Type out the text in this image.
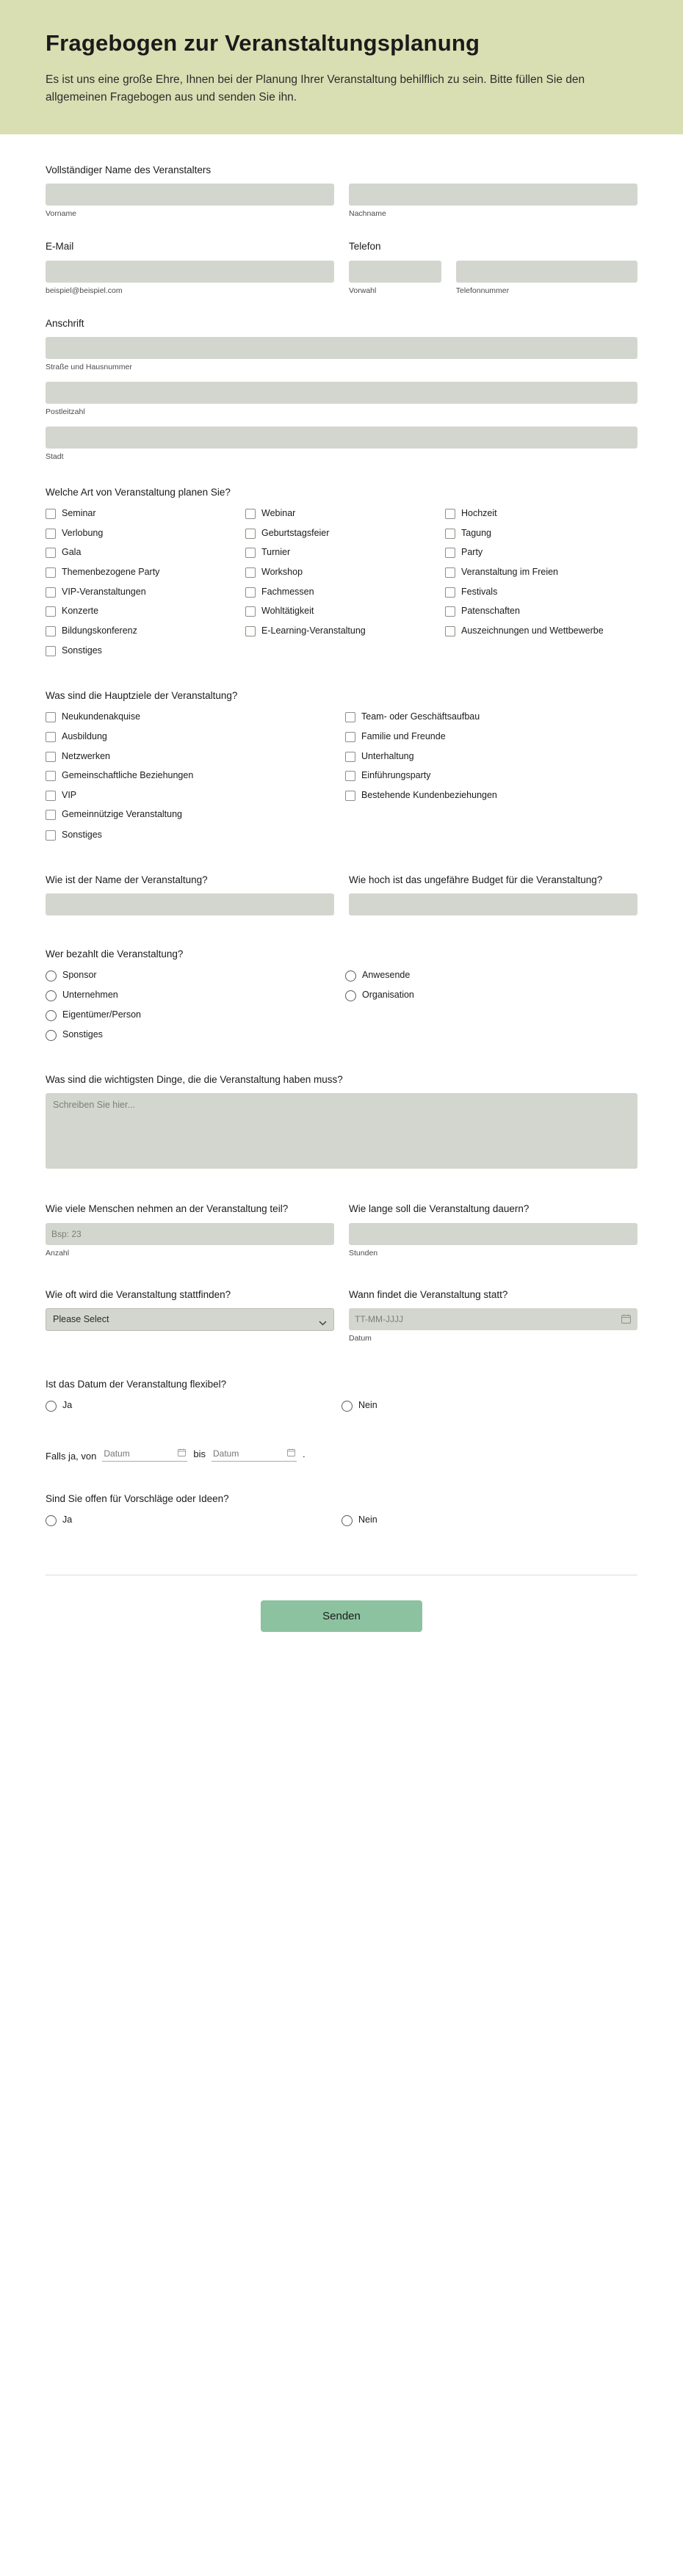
Fragebogen zur Veranstaltungsplanung

Es ist uns eine große Ehre, Ihnen bei der Planung Ihrer Veranstaltung behilflich zu sein. Bitte füllen Sie den allgemeinen Fragebogen aus und senden Sie ihn.

Vollständiger Name des Veranstalters
Vorname	Nachname
E-Mail
beispiel@beispiel.com
Telefon
Vorwahl	Telefonnummer
Anschrift
Straße und Hausnummer
Postleitzahl
Stadt
Welche Art von Veranstaltung planen Sie?
Seminar	Webinar	Hochzeit
Verlobung	Geburtstagsfeier	Tagung
Gala	Turnier	Party
Themenbezogene Party	Workshop	Veranstaltung im Freien
VIP-Veranstaltungen	Fachmessen	Festivals
Konzerte	Wohltätigkeit	Patenschaften
Bildungskonferenz	E-Learning-Veranstaltung	Auszeichnungen und Wettbewerbe
Sonstiges
Was sind die Hauptziele der Veranstaltung?
Neukundenakquise	Team- oder Geschäftsaufbau
Ausbildung	Familie und Freunde
Netzwerken	Unterhaltung
Gemeinschaftliche Beziehungen	Einführungsparty
VIP	Bestehende Kundenbeziehungen
Gemeinnützige Veranstaltung
Sonstiges
Wie ist der Name der Veranstaltung?	Wie hoch ist das ungefähre Budget für die Veranstaltung?
Wer bezahlt die Veranstaltung?
Sponsor	Anwesende
Unternehmen	Organisation
Eigentümer/Person
Sonstiges
Was sind die wichtigsten Dinge, die die Veranstaltung haben muss?
Schreiben Sie hier...
Wie viele Menschen nehmen an der Veranstaltung teil?
Bsp: 23
Anzahl
Wie lange soll die Veranstaltung dauern?
Stunden
Wie oft wird die Veranstaltung stattfinden?
Please Select	Wann findet die Veranstaltung statt?
TT-MM-JJJJ
Datum
Ist das Datum der Veranstaltung flexibel?
Ja	Nein
Falls ja, von
Datum	bis
Datum	.
Sind Sie offen für Vorschläge oder Ideen?
Ja	Nein
Senden
